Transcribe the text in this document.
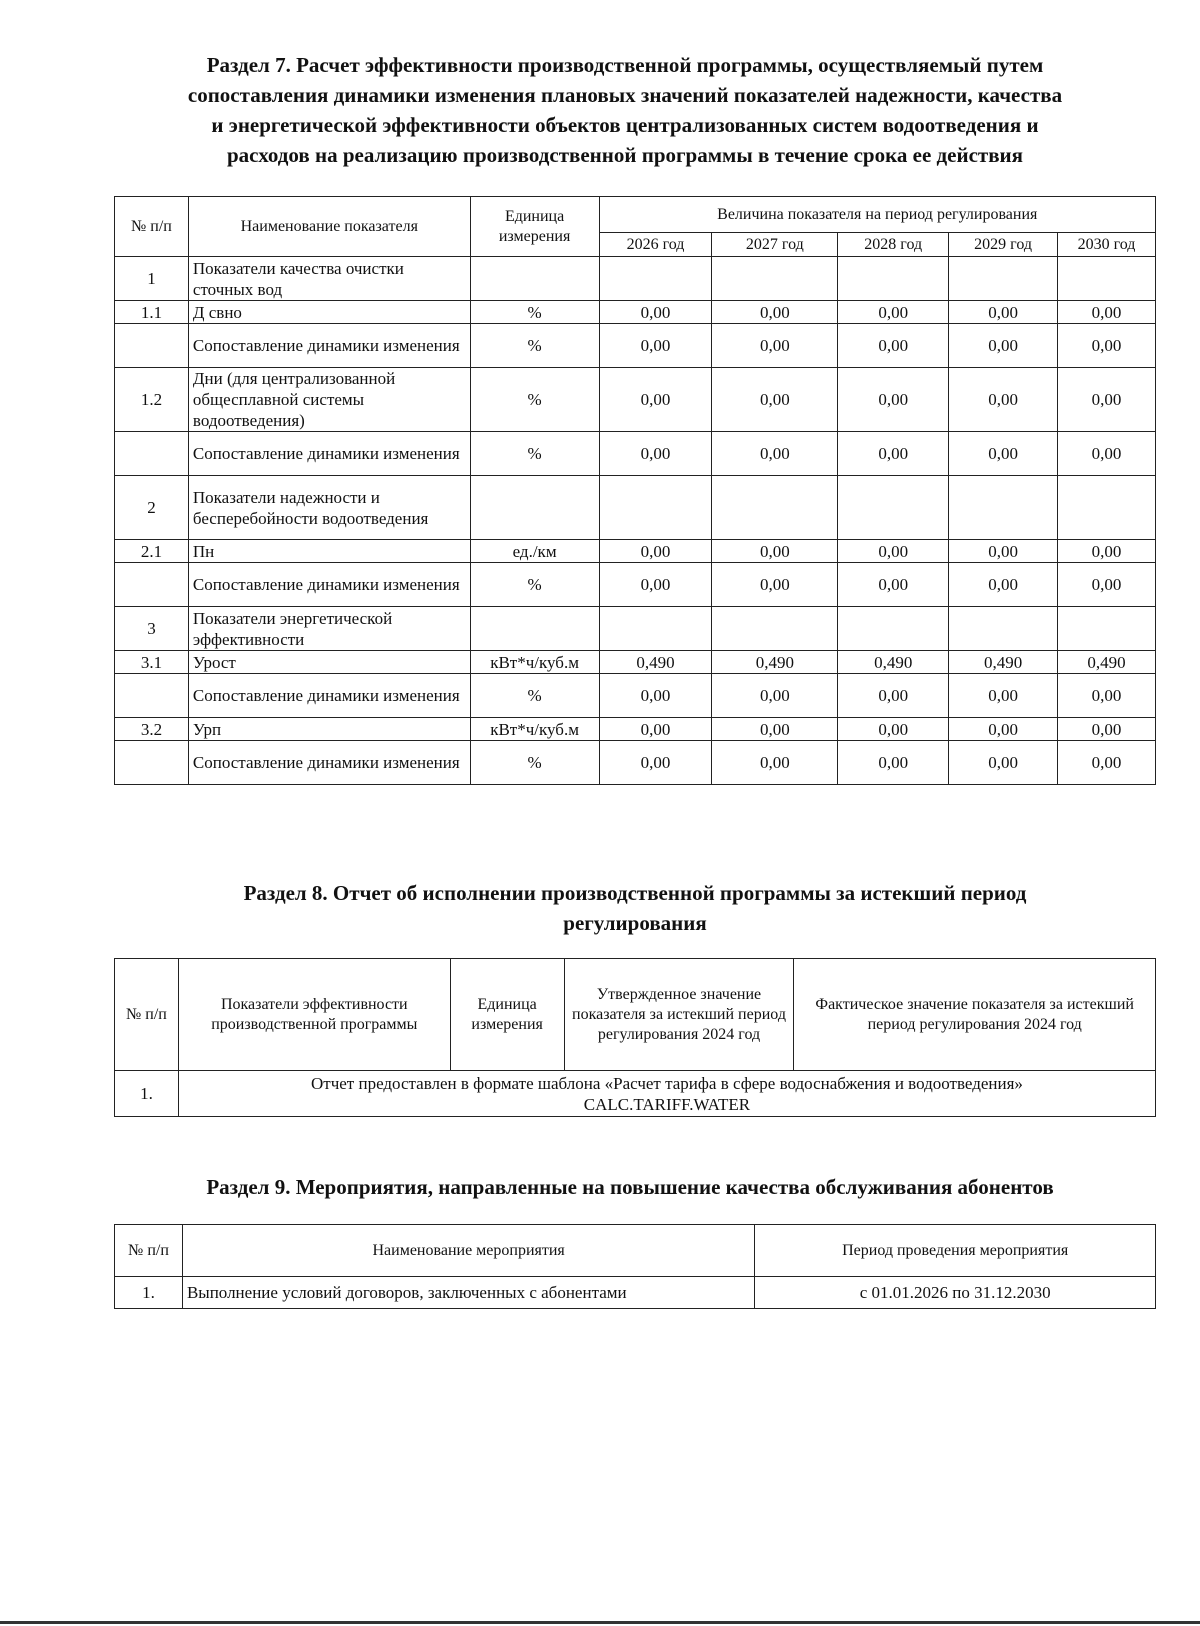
Раздел 7. Расчет эффективности производственной программы, осуществляемый путем
сопоставления динамики изменения плановых значений показателей надежности, качества
и энергетической эффективности объектов централизованных систем водоотведения и
расходов на реализацию производственной программы в течение срока ее действия
№ п/п	Наименование показателя	Единица измерения	Величина показателя на период регулирования				
			2026 год	2027 год	2028 год	2029 год	2030 год
1	Показатели качества очистки сточных вод						
1.1	Д свно	%	0,00	0,00	0,00	0,00	0,00
	Сопоставление динамики изменения	%	0,00	0,00	0,00	0,00	0,00
1.2	Дни (для централизованной общесплавной системы водоотведения)	%	0,00	0,00	0,00	0,00	0,00
	Сопоставление динамики изменения	%	0,00	0,00	0,00	0,00	0,00
2	Показатели надежности и бесперебойности водоотведения						
2.1	Пн	ед./км	0,00	0,00	0,00	0,00	0,00
	Сопоставление динамики изменения	%	0,00	0,00	0,00	0,00	0,00
3	Показатели энергетической эффективности						
3.1	Урост	кВт*ч/куб.м	0,490	0,490	0,490	0,490	0,490
	Сопоставление динамики изменения	%	0,00	0,00	0,00	0,00	0,00
3.2	Урп	кВт*ч/куб.м	0,00	0,00	0,00	0,00	0,00
	Сопоставление динамики изменения	%	0,00	0,00	0,00	0,00	0,00
Раздел 8. Отчет об исполнении производственной программы за истекший период
регулирования
№ п/п	Показатели эффективности производственной программы	Единица измерения	Утвержденное значение показателя за истекший период регулирования 2024 год	Фактическое значение показателя за истекший период регулирования 2024 год
1.	Отчет предоставлен в формате шаблона «Расчет тарифа в сфере водоснабжения и водоотведения»
CALC.TARIFF.WATER			
Раздел 9. Мероприятия, направленные на повышение качества обслуживания абонентов
№ п/п	Наименование мероприятия	Период проведения мероприятия
1.	Выполнение условий договоров, заключенных с абонентами	с 01.01.2026 по 31.12.2030
